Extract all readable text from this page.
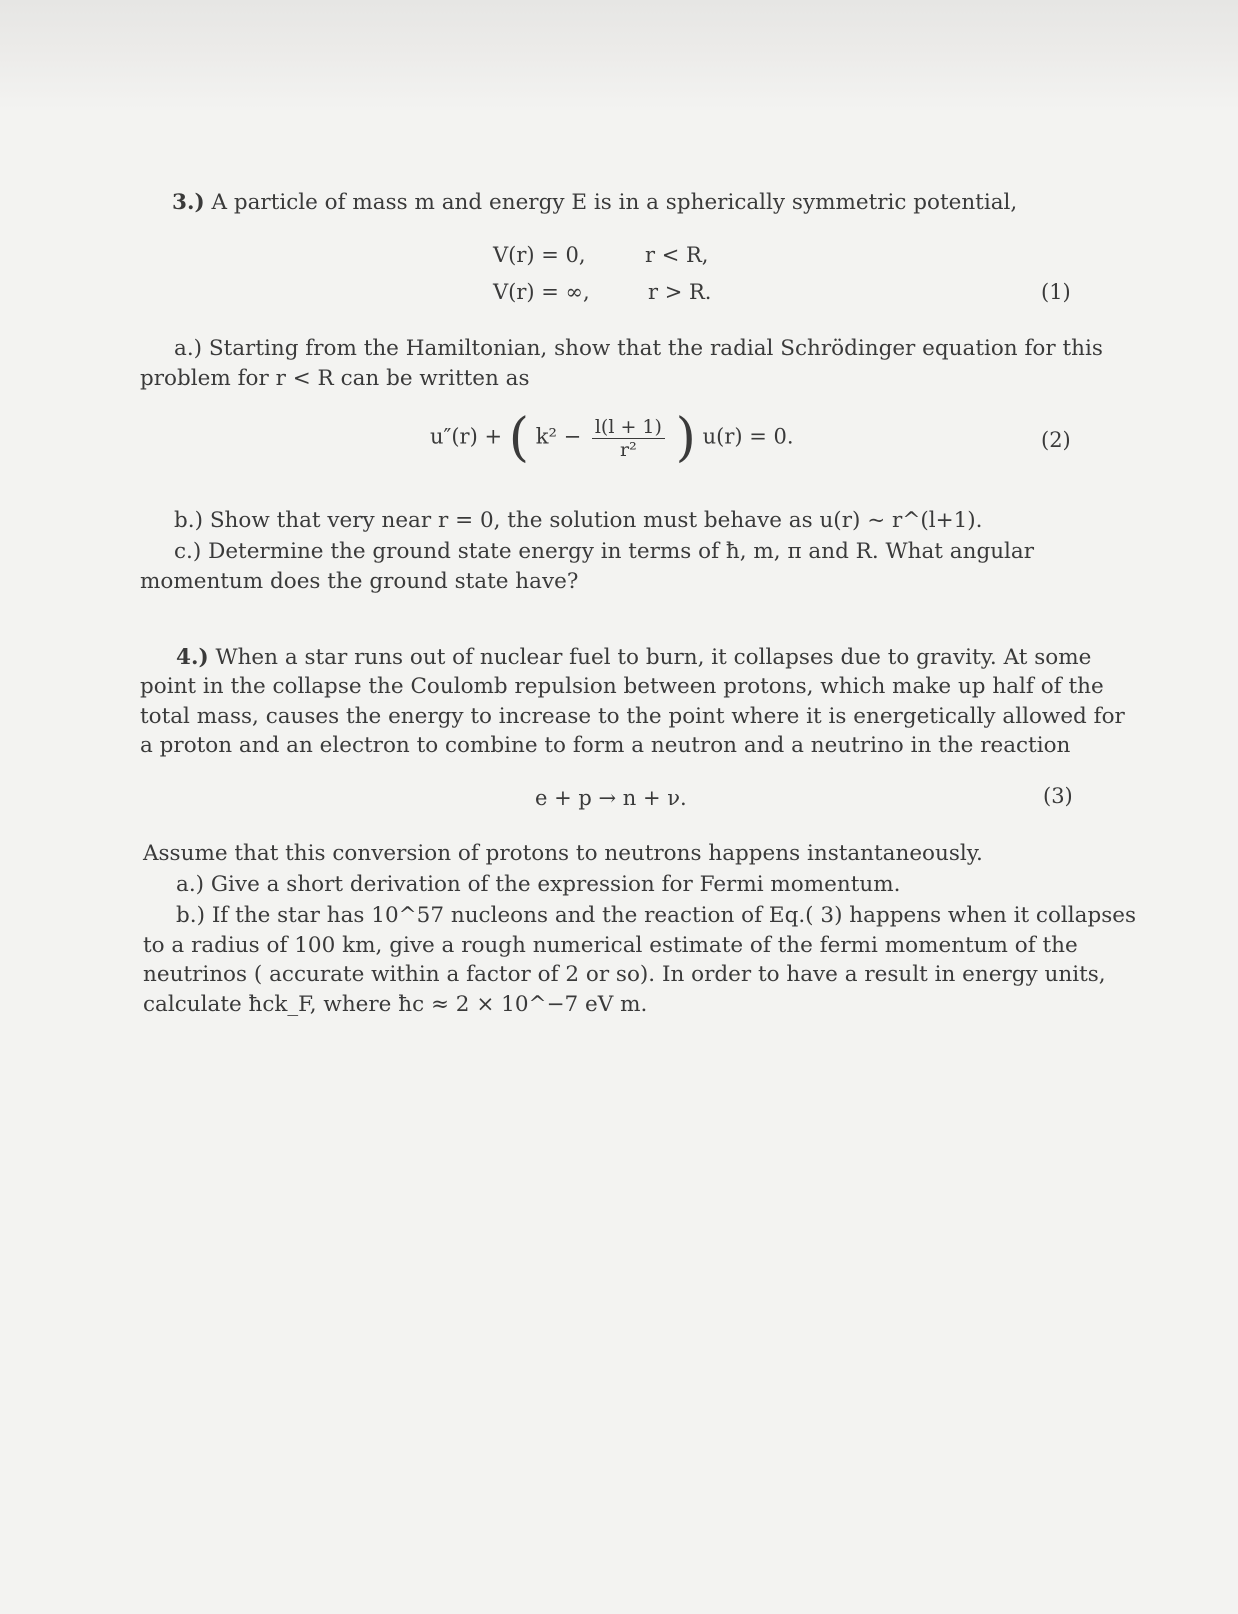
3.) A particle of mass m and energy E is in a spherically symmetric potential,
V(r) = 0,	r < R,
V(r) = ∞,	r > R.	(1)
a.) Starting from the Hamiltonian, show that the radial Schrödinger equation for this
problem for r < R can be written as
u″(r) + ( $k^2 - \frac{l(l + 1)}{\text{r²}}$ ) u(r) = 0.	(2)
b.) Show that very near r = 0, the solution must behave as u(r) ~ r^(l+1).
c.) Determine the ground state energy in terms of ħ, m, π and R. What angular
momentum does the ground state have?
4.) When a star runs out of nuclear fuel to burn, it collapses due to gravity. At some
point in the collapse the Coulomb repulsion between protons, which make up half of the
total mass, causes the energy to increase to the point where it is energetically allowed for
a proton and an electron to combine to form a neutron and a neutrino in the reaction
e + p → n + ν.	(3)
Assume that this conversion of protons to neutrons happens instantaneously.
a.) Give a short derivation of the expression for Fermi momentum.
b.) If the star has 10^57 nucleons and the reaction of Eq.( 3) happens when it collapses
to a radius of 100 km, give a rough numerical estimate of the fermi momentum of the
neutrinos ( accurate within a factor of 2 or so). In order to have a result in energy units,
calculate ħck_F, where ħc ≈ 2 × 10^−7 eV m.
